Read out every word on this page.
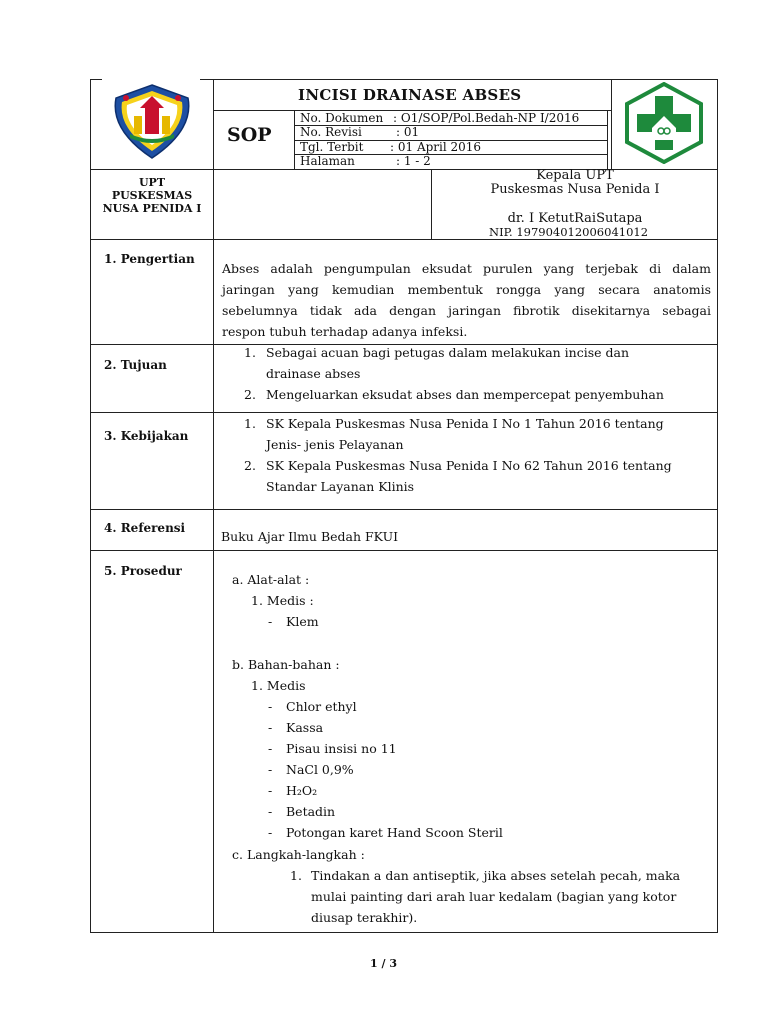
INCISI DRAINASE ABSES
SOP
No. Dokumen : O1/SOP/Pol.Bedah-NP I/2016
No. Revisi	: 01
Tgl. Terbit : 01 April 2016
Halaman	: 1 - 2
UPT
PUSKESMAS
NUSA PENIDA I
Kepala UPT
Puskesmas Nusa Penida I
dr. I KetutRaiSutapa
NIP. 197904012006041012
1. Pengertian
Abses adalah pengumpulan eksudat purulen yang terjebak di dalam
jaringan yang kemudian membentuk rongga yang secara anatomis
sebelumnya tidak ada dengan jaringan fibrotik disekitarnya sebagai
respon tubuh terhadap adanya infeksi.
2. Tujuan
1. Sebagai acuan bagi petugas dalam melakukan incise dan
drainase abses
2. Mengeluarkan eksudat abses dan mempercepat penyembuhan
3. Kebijakan
1. SK Kepala Puskesmas Nusa Penida I No 1 Tahun 2016 tentang
Jenis- jenis Pelayanan
2. SK Kepala Puskesmas Nusa Penida I No 62 Tahun 2016 tentang
Standar Layanan Klinis
4. Referensi
Buku Ajar Ilmu Bedah FKUI
5. Prosedur
a. Alat-alat :
1. Medis :
- Klem
b. Bahan-bahan :
1. Medis
- Chlor ethyl
- Kassa
- Pisau insisi no 11
- NaCl 0,9%
- H₂O₂
- Betadin
- Potongan karet Hand Scoon Steril
c. Langkah-langkah :
1. Tindakan a dan antiseptik, jika abses setelah pecah, maka
mulai painting dari arah luar kedalam (bagian yang kotor
diusap terakhir).
1 / 3
